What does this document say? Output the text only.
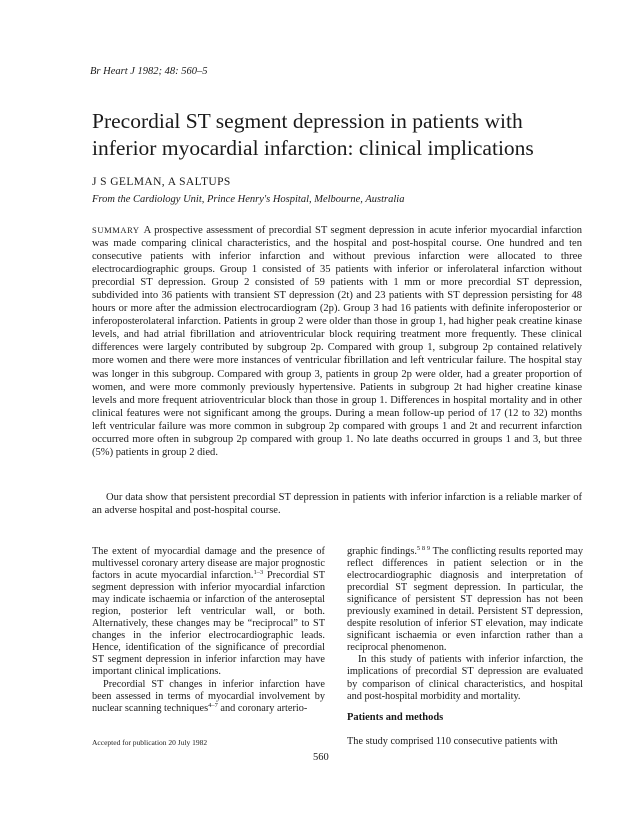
Br Heart J 1982; 48: 560–5
Precordial ST segment depression in patients with inferior myocardial infarction: clinical implications
J S GELMAN, A SALTUPS
From the Cardiology Unit, Prince Henry's Hospital, Melbourne, Australia

SUMMARY A prospective assessment of precordial ST segment depression in acute inferior myocardial infarction was made comparing clinical characteristics, and the hospital and post-hospital course. One hundred and ten consecutive patients with inferior infarction and without previous infarction were allocated to three electrocardiographic groups. Group 1 consisted of 35 patients with inferior or inferolateral infarction without precordial ST depression. Group 2 consisted of 59 patients with 1 mm or more precordial ST depression, subdivided into 36 patients with transient ST depression (2t) and 23 patients with ST depression persisting for 48 hours or more after the admission electrocardiogram (2p). Group 3 had 16 patients with definite inferoposterior or inferoposterolateral infarction. Patients in group 2 were older than those in group 1, had higher peak creatine kinase levels, and had atrial fibrillation and atrioventricular block requiring treatment more frequently. These clinical differences were largely contributed by subgroup 2p. Compared with group 1, subgroup 2p contained relatively more women and there were more instances of ventricular fibrillation and left ventricular failure. The hospital stay was longer in this subgroup. Compared with group 3, patients in group 2p were older, had a greater proportion of women, and were more commonly previously hypertensive. Patients in subgroup 2t had higher creatine kinase levels and more frequent atrioventricular block than those in group 1. Differences in hospital mortality and in other clinical features were not significant among the groups. During a mean follow-up period of 17 (12 to 32) months left ventricular failure was more common in subgroup 2p compared with groups 1 and 2t and recurrent infarction occurred more often in subgroup 2p compared with group 1. No late deaths occurred in groups 1 and 3, but three (5%) patients in group 2 died.

Our data show that persistent precordial ST depression in patients with inferior infarction is a reliable marker of an adverse hospital and post-hospital course.

The extent of myocardial damage and the presence of multivessel coronary artery disease are major prognostic factors in acute myocardial infarction.$^{1-3}$ Precordial ST segment depression with inferior myocardial infarction may indicate ischaemia or infarction of the anteroseptal region, posterior left ventricular wall, or both. Alternatively, these changes may be “reciprocal” to ST changes in the inferior electrocardiographic leads. Hence, identification of the significance of precordial ST segment depression in inferior infarction may have important clinical implications.

Precordial ST changes in inferior infarction have been assessed in terms of myocardial involvement by nuclear scanning techniques$^{4-7}$ and coronary arterio-

graphic findings.$^{5 8 9}$ The conflicting results reported may reflect differences in patient selection or in the electrocardiographic diagnosis and interpretation of precordial ST segment depression. In particular, the significance of persistent ST depression has not been previously examined in detail. Persistent ST depression, despite resolution of inferior ST elevation, may indicate significant ischaemia or even infarction rather than a reciprocal phenomenon.

In this study of patients with inferior infarction, the implications of precordial ST depression are evaluated by comparison of clinical characteristics, and hospital and post-hospital morbidity and mortality.

Patients and methods
The study comprised 110 consecutive patients with
Accepted for publication 20 July 1982
560
